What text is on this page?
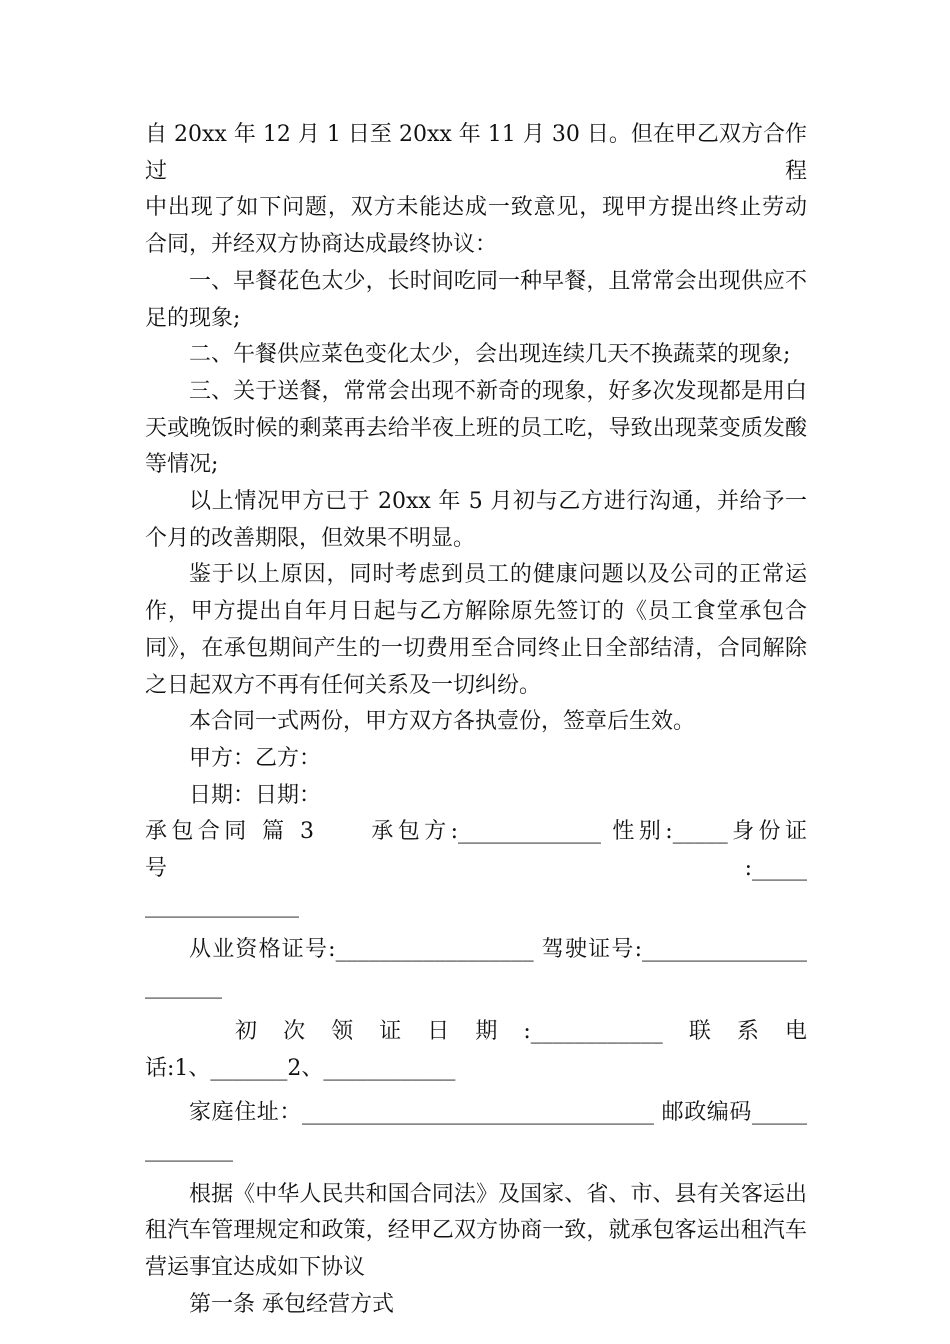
自 20xx 年 12 月 1 日至 20xx 年 11 月 30 日。但在甲乙双方合作过程

中出现了如下问题，双方未能达成一致意见，现甲方提出终止劳动

合同，并经双方协商达成最终协议：

一、早餐花色太少，长时间吃同一种早餐，且常常会出现供应不足的现象;

二、午餐供应菜色变化太少，会出现连续几天不换蔬菜的现象;

三、关于送餐，常常会出现不新奇的现象，好多次发现都是用白天或晚饭时候的剩菜再去给半夜上班的员工吃，导致出现菜变质发酸等情况;

以上情况甲方已于 20xx 年 5 月初与乙方进行沟通，并给予一个月的改善期限，但效果不明显。

鉴于以上原因，同时考虑到员工的健康问题以及公司的正常运作，甲方提出自年月日起与乙方解除原先签订的《员工食堂承包合同》，在承包期间产生的一切费用至合同终止日全部结清，合同解除之日起双方不再有任何关系及一切纠纷。

本合同一式两份，甲方双方各执壹份，签章后生效。

甲方：乙方：

日期：日期：

承包合同 篇 3　　承包方:_____________ 性别:_____身份证号:_____

______________

从业资格证号:__________________ 驾驶证号:_______________

_______

初　次　领　证　日　期　:____________　联　系　电

话:1、_______2、____________

家庭住址：________________________________ 邮政编码_____

________

根据《中华人民共和国合同法》及国家、省、市、县有关客运出租汽车管理规定和政策，经甲乙双方协商一致，就承包客运出租汽车营运事宜达成如下协议

第一条 承包经营方式
